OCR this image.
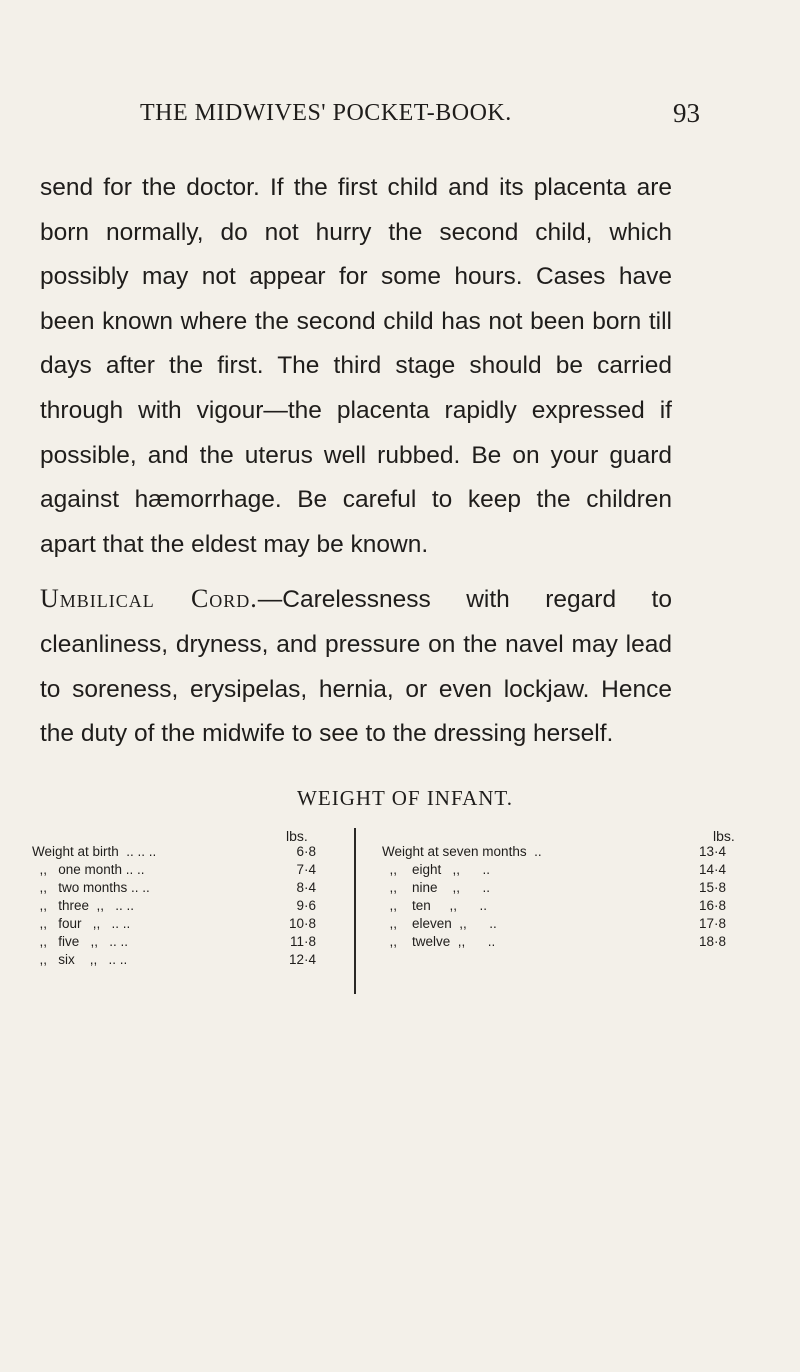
THE MIDWIVES' POCKET-BOOK.	93

send for the doctor. If the first child and its placenta are born normally, do not hurry the second child, which possibly may not appear for some hours. Cases have been known where the second child has not been born till days after the first. The third stage should be carried through with vigour—the placenta rapidly expressed if possible, and the uterus well rubbed. Be on your guard against hæmorrhage. Be careful to keep the children apart that the eldest may be known.

Umbilical Cord.—Carelessness with regard to cleanliness, dryness, and pressure on the navel may lead to soreness, erysipelas, hernia, or even lockjaw. Hence the duty of the midwife to see to the dressing herself.

WEIGHT OF INFANT.
lbs.
Weight at birth  .. .. ..	6·8
,,   one month .. ..	7·4
,,   two months .. ..	8·4
,,   three  ,,   .. ..	9·6
,,   four   ,,   .. ..	10·8
,,   five   ,,   .. ..	11·8
,,   six    ,,   .. ..	12·4
lbs.
Weight at seven months  ..	13·4
,,    eight   ,,      ..	14·4
,,    nine    ,,      ..	15·8
,,    ten     ,,      ..	16·8
,,    eleven  ,,      ..	17·8
,,    twelve  ,,      ..	18·8
